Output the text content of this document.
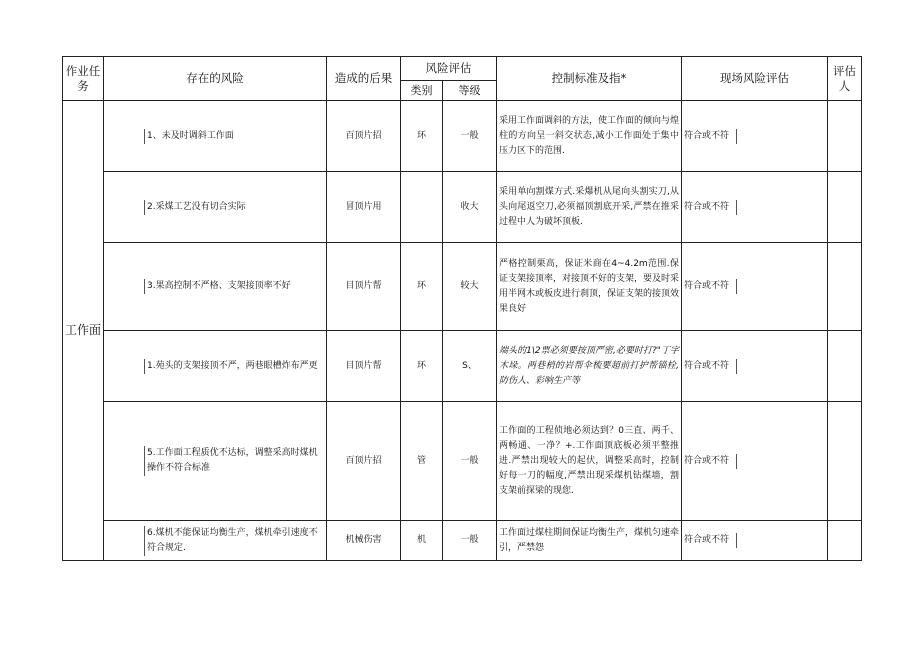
作业任务	存在的风险	造成的后果	风险评估		控制标准及指*	现场风险评估	评估人
			类别	等级			
工作面	1、未及时调斜工作面	百顶片招	环	一般	采用工作面调斜的方法，使工作面的倾向与煌柱的方向呈一斜交状态,减小工作面处于集中压力区下的范围.	符合或不符	

2.采煤工艺没有切合实际	冒顶片用		收大	采用单向割煤方式.采爆机从尾向头割实刀,从头向尾返空刀,必须福顶割底开采,严禁在推采过程中人为破坏顶板.	符合或不符	

3.果高控制不严格、支架接顶率不好	目顶片帮	环	较大	严格控制栗高，保证米商在4~4.2m范围.保证支架接顶率，对接顶不好的支架，要及时采用半网木或板皮进行刹顶，保证支架的接顶效果良好	符合或不符	

1.苑头的支架接顶不严，两巷眼槽炸布严更	目顶片帮	环	S、	端头的1\2票必须要按顶严密,必要时打?"丁字木垛。两巷梢的岩帮伞梳要超前打护帮锚栓,防伤人、彩响生产等	符合或不符	

5.工作面工程质优不达标，调整采高时煤机操作不符合标准	百顶片招	管	一般	工作面的工程侦地必须达到？0三直、两千、两畅通、一净？+.工作面顶底板必须平整推进.严禁出现较大的起伏，调整采高时，控制好每一刀的幅度,严禁出现采煤机钻煤墙，割支架前探梁的现您.	符合或不符	

6.煤机不能保证均衡生产，煤机牵引速度不符合规定.	机械伤害	机	一般	工作面过煤柱期间保证均衡生产，煤机匀速牵引，严禁怨	符合或不符	
